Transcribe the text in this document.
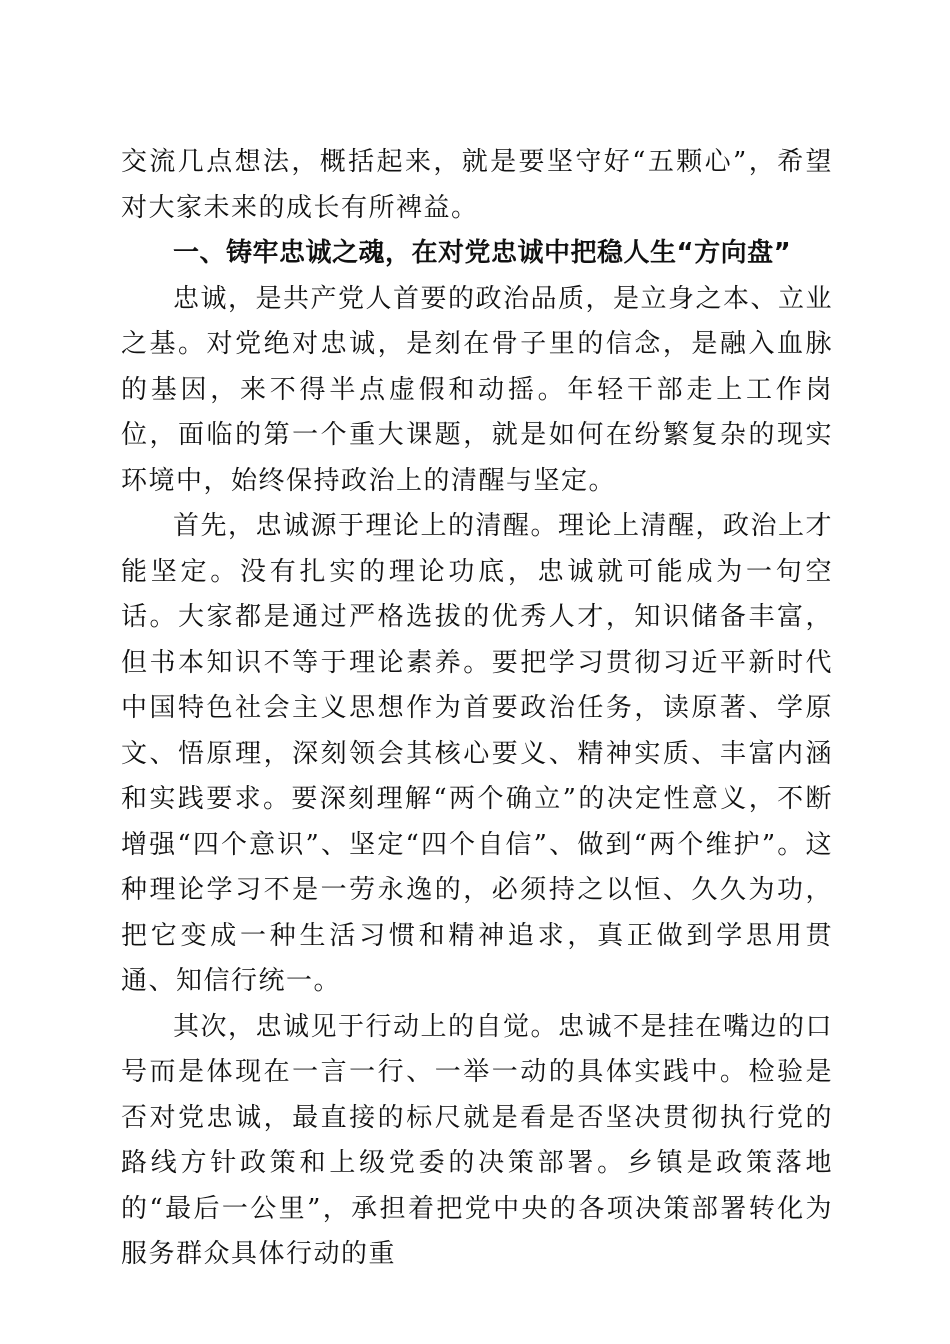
交流几点想法，概括起来，就是要坚守好“五颗心”，希望对大家未来的成长有所裨益。

一、铸牢忠诚之魂，在对党忠诚中把稳人生“方向盘”

忠诚，是共产党人首要的政治品质，是立身之本、立业之基。对党绝对忠诚，是刻在骨子里的信念，是融入血脉的基因，来不得半点虚假和动摇。年轻干部走上工作岗位，面临的第一个重大课题，就是如何在纷繁复杂的现实环境中，始终保持政治上的清醒与坚定。

首先，忠诚源于理论上的清醒。理论上清醒，政治上才能坚定。没有扎实的理论功底，忠诚就可能成为一句空话。大家都是通过严格选拔的优秀人才，知识储备丰富，但书本知识不等于理论素养。要把学习贯彻习近平新时代中国特色社会主义思想作为首要政治任务，读原著、学原文、悟原理，深刻领会其核心要义、精神实质、丰富内涵和实践要求。要深刻理解“两个确立”的决定性意义，不断增强“四个意识”、坚定“四个自信”、做到“两个维护”。这种理论学习不是一劳永逸的，必须持之以恒、久久为功，把它变成一种生活习惯和精神追求，真正做到学思用贯通、知信行统一。

其次，忠诚见于行动上的自觉。忠诚不是挂在嘴边的口号而是体现在一言一行、一举一动的具体实践中。检验是否对党忠诚，最直接的标尺就是看是否坚决贯彻执行党的路线方针政策和上级党委的决策部署。乡镇是政策落地的“最后一公里”，承担着把党中央的各项决策部署转化为服务群众具体行动的重
